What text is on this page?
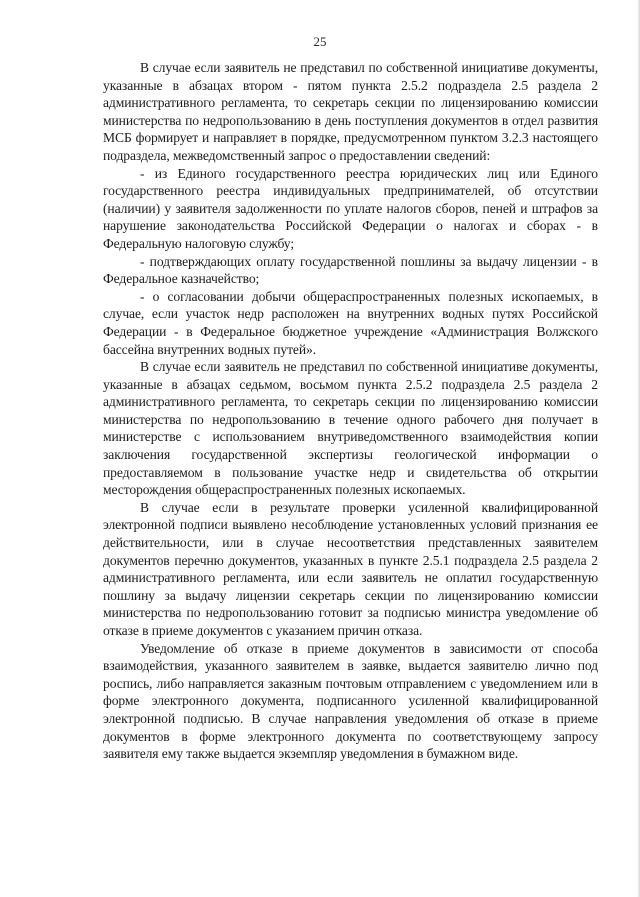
25

В случае если заявитель не представил по собственной инициативе документы, указанные в абзацах втором - пятом пункта 2.5.2 подраздела 2.5 раздела 2 административного регламента, то секретарь секции по лицензированию комиссии министерства по недропользованию в день поступления документов в отдел развития МСБ формирует и направляет в порядке, предусмотренном пунктом 3.2.3 настоящего подраздела, межведомственный запрос о предоставлении сведений:

- из Единого государственного реестра юридических лиц или Единого государственного реестра индивидуальных предпринимателей, об отсутствии (наличии) у заявителя задолженности по уплате налогов сборов, пеней и штрафов за нарушение законодательства Российской Федерации о налогах и сборах - в Федеральную налоговую службу;

- подтверждающих оплату государственной пошлины за выдачу лицензии - в Федеральное казначейство;

- о согласовании добычи общераспространенных полезных ископаемых, в случае, если участок недр расположен на внутренних водных путях Российской Федерации - в Федеральное бюджетное учреждение «Администрация Волжского бассейна внутренних водных путей».

В случае если заявитель не представил по собственной инициативе документы, указанные в абзацах седьмом, восьмом пункта 2.5.2 подраздела 2.5 раздела 2 административного регламента, то секретарь секции по лицензированию комиссии министерства по недропользованию в течение одного рабочего дня получает в министерстве с использованием внутриведомственного взаимодействия копии заключения государственной экспертизы геологической информации о предоставляемом в пользование участке недр и свидетельства об открытии месторождения общераспространенных полезных ископаемых.

В случае если в результате проверки усиленной квалифицированной электронной подписи выявлено несоблюдение установленных условий признания ее действительности, или в случае несоответствия представленных заявителем документов перечню документов, указанных в пункте 2.5.1 подраздела 2.5 раздела 2 административного регламента, или если заявитель не оплатил государственную пошлину за выдачу лицензии секретарь секции по лицензированию комиссии министерства по недропользованию готовит за подписью министра уведомление об отказе в приеме документов с указанием причин отказа.

Уведомление об отказе в приеме документов в зависимости от способа взаимодействия, указанного заявителем в заявке, выдается заявителю лично под роспись, либо направляется заказным почтовым отправлением с уведомлением или в форме электронного документа, подписанного усиленной квалифицированной электронной подписью. В случае направления уведомления об отказе в приеме документов в форме электронного документа по соответствующему запросу заявителя ему также выдается экземпляр уведомления в бумажном виде.
